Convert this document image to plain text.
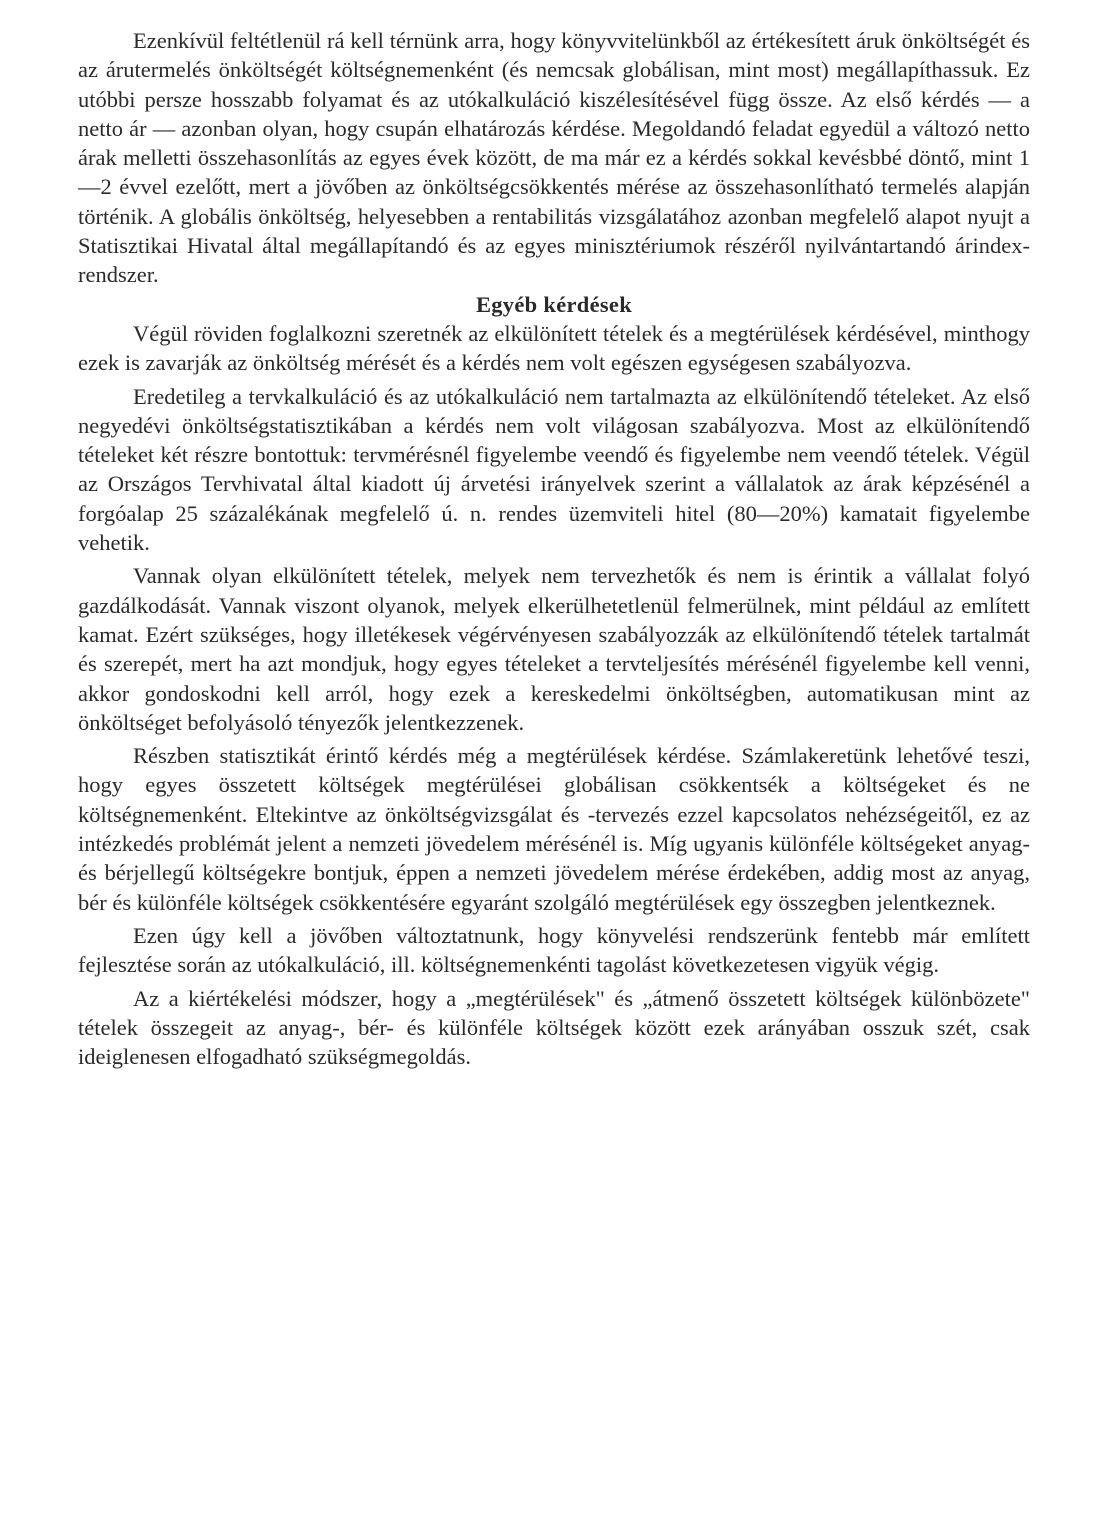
Ezenkívül feltétlenül rá kell térnünk arra, hogy könyvvitelünkből az értékesített áruk önköltségét és az árutermelés önköltségét költségnemenként (és nemcsak globálisan, mint most) megállapíthassuk. Ez utóbbi persze hosszabb folyamat és az utókalkuláció kiszélesítésével függ össze. Az első kérdés — a netto ár — azonban olyan, hogy csupán elhatározás kérdése. Megoldandó feladat egyedül a változó netto árak melletti összehasonlítás az egyes évek között, de ma már ez a kérdés sokkal kevésbbé döntő, mint 1—2 évvel ezelőtt, mert a jövőben az önköltségcsökkentés mérése az összehasonlítható termelés alapján történik. A globális önköltség, helyesebben a rentabilitás vizsgálatához azonban megfelelő alapot nyujt a Statisztikai Hivatal által megállapítandó és az egyes minisztériumok részéről nyilvántartandó árindex-rendszer.

Egyéb kérdések

Végül röviden foglalkozni szeretnék az elkülönített tételek és a megtérülések kérdésével, minthogy ezek is zavarják az önköltség mérését és a kérdés nem volt egészen egységesen szabályozva.

Eredetileg a tervkalkuláció és az utókalkuláció nem tartalmazta az elkülönítendő tételeket. Az első negyedévi önköltségstatisztikában a kérdés nem volt világosan szabályozva. Most az elkülönítendő tételeket két részre bontottuk: tervmérésnél figyelembe veendő és figyelembe nem veendő tételek. Végül az Országos Tervhivatal által kiadott új árvetési irányelvek szerint a vállalatok az árak képzésénél a forgóalap 25 százalékának megfelelő ú. n. rendes üzemviteli hitel (80—20%) kamatait figyelembe vehetik.

Vannak olyan elkülönített tételek, melyek nem tervezhetők és nem is érintik a vállalat folyó gazdálkodását. Vannak viszont olyanok, melyek elkerülhetetlenül felmerülnek, mint például az említett kamat. Ezért szükséges, hogy illetékesek végérvényesen szabályozzák az elkülönítendő tételek tartalmát és szerepét, mert ha azt mondjuk, hogy egyes tételeket a tervteljesítés mérésénél figyelembe kell venni, akkor gondoskodni kell arról, hogy ezek a kereskedelmi önköltségben, automatikusan mint az önköltséget befolyásoló tényezők jelentkezzenek.

Részben statisztikát érintő kérdés még a megtérülések kérdése. Számlakeretünk lehetővé teszi, hogy egyes összetett költségek megtérülései globálisan csökkentsék a költségeket és ne költségnemenként. Eltekintve az önköltségvizsgálat és -tervezés ezzel kapcsolatos nehézségeitől, ez az intézkedés problémát jelent a nemzeti jövedelem mérésénél is. Míg ugyanis különféle költségeket anyag- és bérjellegű költségekre bontjuk, éppen a nemzeti jövedelem mérése érdekében, addig most az anyag, bér és különféle költségek csökkentésére egyaránt szolgáló megtérülések egy összegben jelentkeznek.

Ezen úgy kell a jövőben változtatnunk, hogy könyvelési rendszerünk fentebb már említett fejlesztése során az utókalkuláció, ill. költségnemenkénti tagolást következetesen vigyük végig.

Az a kiértékelési módszer, hogy a „megtérülések" és „átmenő összetett költségek különbözete" tételek összegeit az anyag-, bér- és különféle költségek között ezek arányában osszuk szét, csak ideiglenesen elfogadható szükségmegoldás.
